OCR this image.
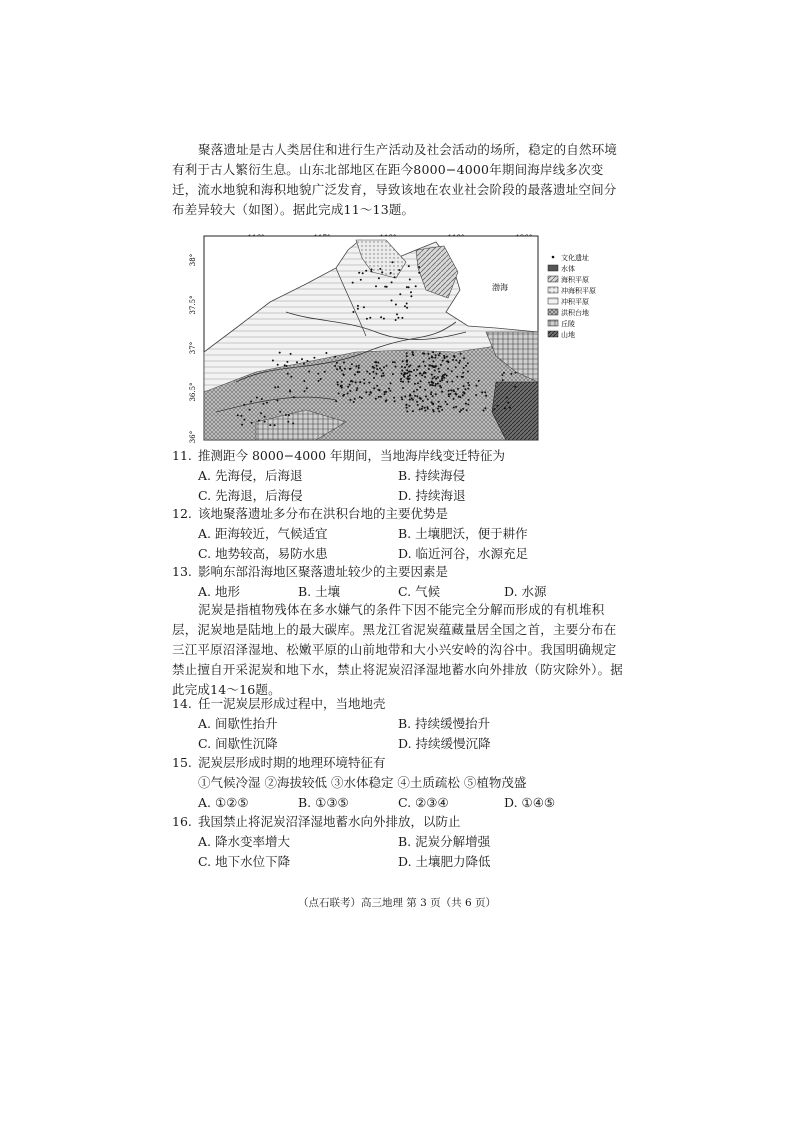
聚落遗址是古人类居住和进行生产活动及社会活动的场所，稳定的自然环境有利于古人繁衍生息。山东北部地区在距今8000−4000年期间海岸线多次变迁，流水地貌和海积地貌广泛发育，导致该地在农业社会阶段的最落遗址空间分布差异较大（如图）。据此完成11～13题。

38°
37.5°
37°
36.5°
36°
渤海
文化遗址
水体
海积平原
冲海积平原
冲积平原
洪积台地
丘陵
山地
11. 推测距今 8000−4000 年期间，当地海岸线变迁特征为
A. 先海侵，后海退	B. 持续海侵
C. 先海退，后海侵	D. 持续海退
12. 该地聚落遗址多分布在洪积台地的主要优势是
A. 距海较近，气候适宜	B. 土壤肥沃，便于耕作
C. 地势较高，易防水患	D. 临近河谷，水源充足
13. 影响东部沿海地区聚落遗址较少的主要因素是
A. 地形	B. 土壤	C. 气候	D. 水源

泥炭是指植物残体在多水嫌气的条件下因不能完全分解而形成的有机堆积层，泥炭地是陆地上的最大碳库。黑龙江省泥炭蕴藏量居全国之首，主要分布在三江平原沼泽湿地、松嫩平原的山前地带和大小兴安岭的沟谷中。我国明确规定禁止擅自开采泥炭和地下水，禁止将泥炭沼泽湿地蓄水向外排放（防灾除外）。据此完成14～16题。

14. 任一泥炭层形成过程中，当地地壳
A. 间歇性抬升	B. 持续缓慢抬升
C. 间歇性沉降	D. 持续缓慢沉降
15. 泥炭层形成时期的地理环境特征有
①气候冷湿 ②海拔较低 ③水体稳定 ④土质疏松 ⑤植物茂盛
A. ①②⑤	B. ①③⑤	C. ②③④	D. ①④⑤
16. 我国禁止将泥炭沼泽湿地蓄水向外排放，以防止
A. 降水变率增大	B. 泥炭分解增强
C. 地下水位下降	D. 土壤肥力降低
（点石联考）高三地理 第 3 页（共 6 页）
